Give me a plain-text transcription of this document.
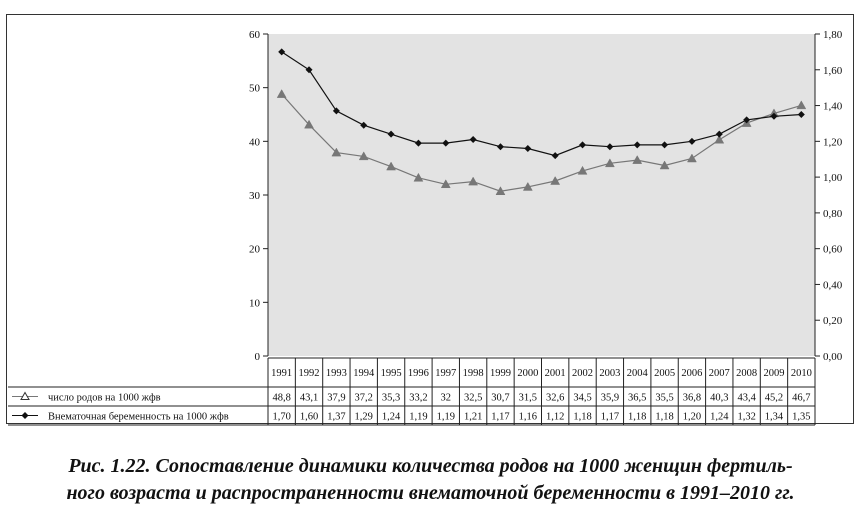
0
10
20
30
40
50
60
0,00
0,20
0,40
0,60
0,80
1,00
1,20
1,40
1,60
1,80
1991 1992 1993 1994 1995 1996 1997 1998 1999 2000 2001 2002 2003 2004 2005 2006 2007 2008 2009 2010
число родов на 1000 жфв	48,8 43,1 37,9 37,2 35,3 33,2 32 32,5 30,7 31,5 32,6 34,5 35,9 36,5 35,5 36,8 40,3 43,4 45,2 46,7
Внематочная беременность на 1000 жфв	1,70 1,60 1,37 1,29 1,24 1,19 1,19 1,21 1,17 1,16 1,12 1,18 1,17 1,18 1,18 1,20 1,24 1,32 1,34 1,35
Рис. 1.22. Сопоставление динамики количества родов на 1000 женщин фертиль-
ного возраста и распространенности внематочной беременности в 1991–2010 гг.
